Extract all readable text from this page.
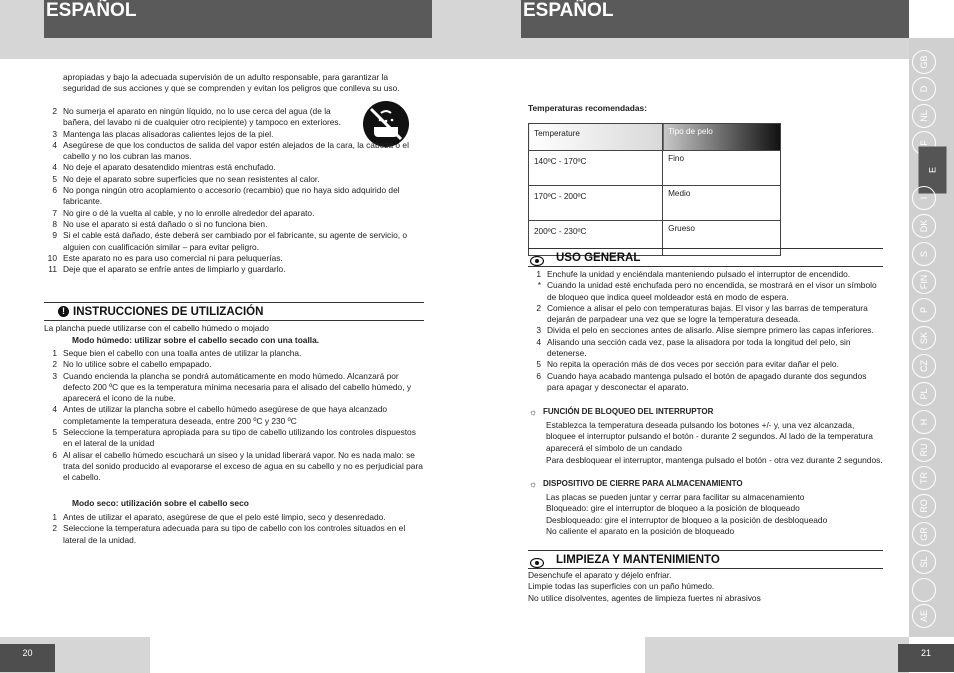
ESPAÑOL
apropiadas y bajo la adecuada supervisión de un adulto responsable, para garantizar la seguridad de sus acciones y que se comprenden y evitan los peligros que conlleva su uso.
2 No sumerja el aparato en ningún líquido, no lo use cerca del agua (de la bañera, del lavabo ni de cualquier otro recipiente) y tampoco en exteriores.
3 Mantenga las placas alisadoras calientes lejos de la piel.
4 Asegúrese de que los conductos de salida del vapor estén alejados de la cara, la cabeza o el cabello y no los cubran las manos.
4 No deje el aparato desatendido mientras está enchufado.
5 No deje el aparato sobre superficies que no sean resistentes al calor.
6 No ponga ningún otro acoplamiento o accesorio (recambio) que no haya sido adquirido del fabricante.
7 No gire o dé la vuelta al cable, y no lo enrolle alrededor del aparato.
8 No use el aparato si está dañado o si no funciona bien.
9 Si el cable está dañado, éste deberá ser cambiado por el fabricante, su agente de servicio, o alguien con cualificación similar – para evitar peligro.
10 Este aparato no es para uso comercial ni para peluquerías.
11 Deje que el aparato se enfríe antes de limpiarlo y guardarlo.
INSTRUCCIONES DE UTILIZACIÓN
!
La plancha puede utilizarse con el cabello húmedo o mojado
Modo húmedo: utilizar sobre el cabello secado con una toalla.
1 Seque bien el cabello con una toalla antes de utilizar la plancha.
2 No lo utilice sobre el cabello empapado.
3 Cuando encienda la plancha se pondrá automáticamente en modo húmedo. Alcanzará por defecto 200 ºC que es la temperatura mínima necesaria para el alisado del cabello húmedo, y aparecerá el icono de la nube.
4 Antes de utilizar la plancha sobre el cabello húmedo asegúrese de que haya alcanzado completamente la temperatura deseada, entre 200 ºC y 230 ºC
5 Seleccione la temperatura apropiada para su tipo de cabello utilizando los controles dispuestos en el lateral de la unidad
6 Al alisar el cabello húmedo escuchará un siseo y la unidad liberará vapor. No es nada malo: se trata del sonido producido al evaporarse el exceso de agua en su cabello y no es perjudicial para el cabello.
Modo seco: utilización sobre el cabello seco
1 Antes de utilizar el aparato, asegúrese de que el pelo esté limpio, seco y desenredado.
2 Seleccione la temperatura adecuada para su tipo de cabello con los controles situados en el lateral de la unidad.
20
ESPAÑOL
Temperaturas recomendadas:
Temperature	Tipo de pelo
140ºC - 170ºC	Fino
170ºC - 200ºC	Medio
200ºC - 230ºC	Grueso
USO GENERAL
1 Enchufe la unidad y enciéndala manteniendo pulsado el interruptor de encendido.
* Cuando la unidad esté enchufada pero no encendida, se mostrará en el visor un símbolo de bloqueo que indica queel moldeador está en modo de espera.
2 Comience a alisar el pelo con temperaturas bajas. El visor y las barras de temperatura dejarán de parpadear una vez que se logre la temperatura deseada.
3 Divida el pelo en secciones antes de alisarlo. Alise siempre primero las capas inferiores.
4 Alisando una sección cada vez, pase la alisadora por toda la longitud del pelo, sin detenerse.
5 No repita la operación más de dos veces por sección para evitar dañar el pelo.
6 Cuando haya acabado mantenga pulsado el botón de apagado durante dos segundos para apagar y desconectar el aparato.
☼ FUNCIÓN DE BLOQUEO DEL INTERRUPTOR
Establezca la temperatura deseada pulsando los botones +/- y, una vez alcanzada, bloquee el interruptor pulsando el botón - durante 2 segundos. Al lado de la temperatura aparecerá el símbolo de un candado
Para desbloquear el interruptor, mantenga pulsado el botón - otra vez durante 2 segundos.
☼ DISPOSITIVO DE CIERRE PARA ALMACENAMIENTO
Las placas se pueden juntar y cerrar para facilitar su almacenamiento
Bloqueado: gire el interruptor de bloqueo a la posición de bloqueado
Desbloqueado: gire el interruptor de bloqueo a la posición de desbloqueado
No caliente el aparato en la posición de bloqueado
LIMPIEZA Y MANTENIMIENTO
Desenchufe el aparato y déjelo enfriar.
Limpie todas las superficies con un paño húmedo.
No utilice disolventes, agentes de limpieza fuertes ni abrasivos
21
GB
D
NL
F
E
I
DK
S
FIN
P
SK
CZ
PL
H
RU
TR
RO
GR
SL
AE
